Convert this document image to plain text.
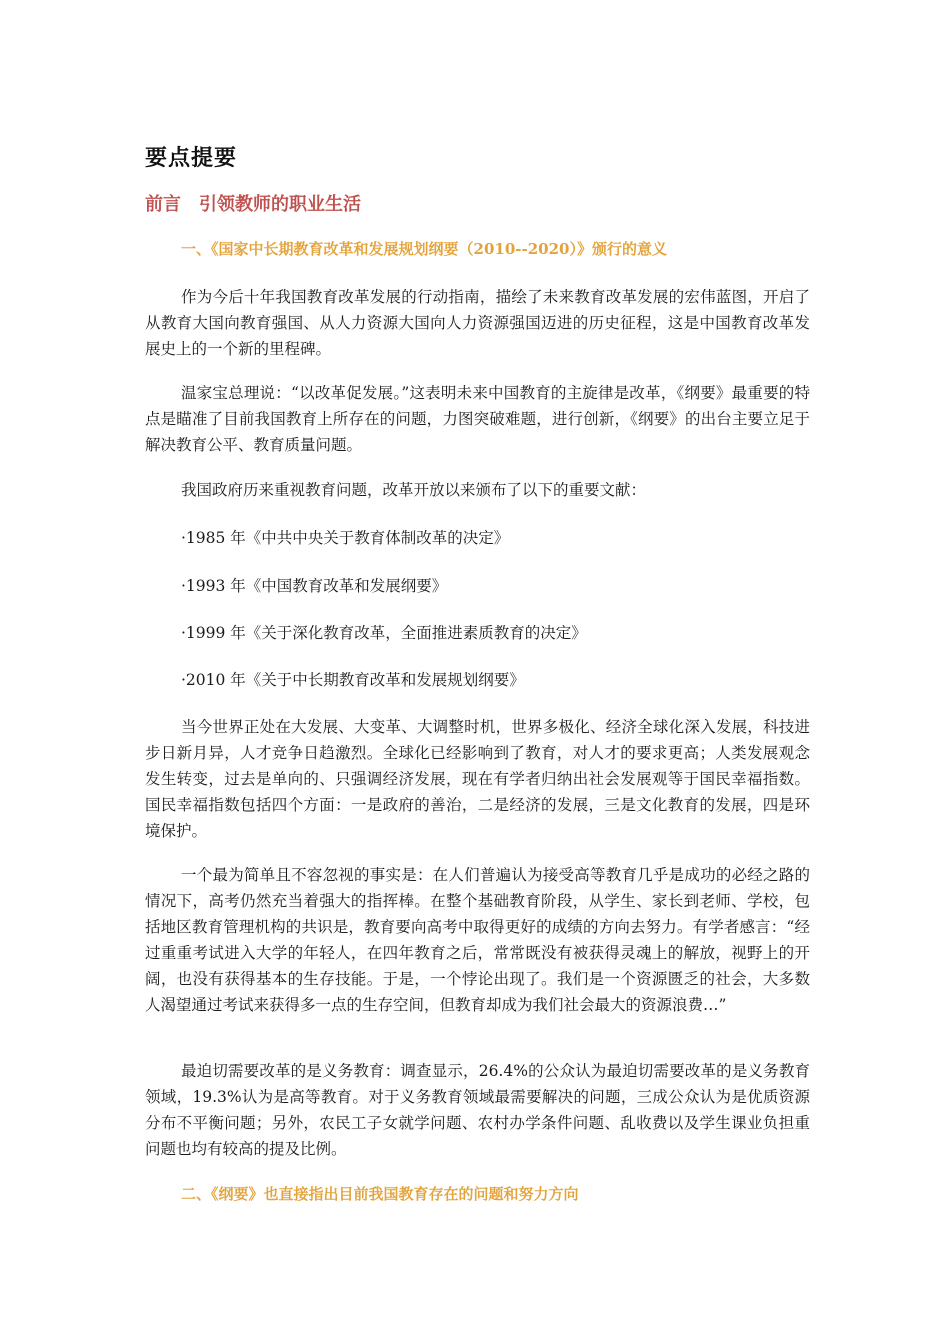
要点提要
前言　引领教师的职业生活
一、《国家中长期教育改革和发展规划纲要（2010--2020）》颁行的意义

作为今后十年我国教育改革发展的行动指南，描绘了未来教育改革发展的宏伟蓝图，开启了从教育大国向教育强国、从人力资源大国向人力资源强国迈进的历史征程，这是中国教育改革发展史上的一个新的里程碑。

温家宝总理说：“以改革促发展。”这表明未来中国教育的主旋律是改革，《纲要》最重要的特点是瞄准了目前我国教育上所存在的问题，力图突破难题，进行创新，《纲要》的出台主要立足于解决教育公平、教育质量问题。

我国政府历来重视教育问题，改革开放以来颁布了以下的重要文献：

·1985 年《中共中央关于教育体制改革的决定》

·1993 年《中国教育改革和发展纲要》

·1999 年《关于深化教育改革，全面推进素质教育的决定》

·2010 年《关于中长期教育改革和发展规划纲要》

当今世界正处在大发展、大变革、大调整时机，世界多极化、经济全球化深入发展，科技进步日新月异，人才竞争日趋激烈。全球化已经影响到了教育，对人才的要求更高；人类发展观念发生转变，过去是单向的、只强调经济发展，现在有学者归纳出社会发展观等于国民幸福指数。国民幸福指数包括四个方面：一是政府的善治，二是经济的发展，三是文化教育的发展，四是环境保护。

一个最为简单且不容忽视的事实是：在人们普遍认为接受高等教育几乎是成功的必经之路的情况下，高考仍然充当着强大的指挥棒。在整个基础教育阶段，从学生、家长到老师、学校，包括地区教育管理机构的共识是，教育要向高考中取得更好的成绩的方向去努力。有学者感言：“经过重重考试进入大学的年轻人，在四年教育之后，常常既没有被获得灵魂上的解放，视野上的开阔，也没有获得基本的生存技能。于是，一个悖论出现了。我们是一个资源匮乏的社会，大多数人渴望通过考试来获得多一点的生存空间，但教育却成为我们社会最大的资源浪费…”

最迫切需要改革的是义务教育：调查显示，26.4%的公众认为最迫切需要改革的是义务教育领域，19.3%认为是高等教育。对于义务教育领域最需要解决的问题，三成公众认为是优质资源分布不平衡问题；另外，农民工子女就学问题、农村办学条件问题、乱收费以及学生课业负担重问题也均有较高的提及比例。

二、《纲要》也直接指出目前我国教育存在的问题和努力方向
